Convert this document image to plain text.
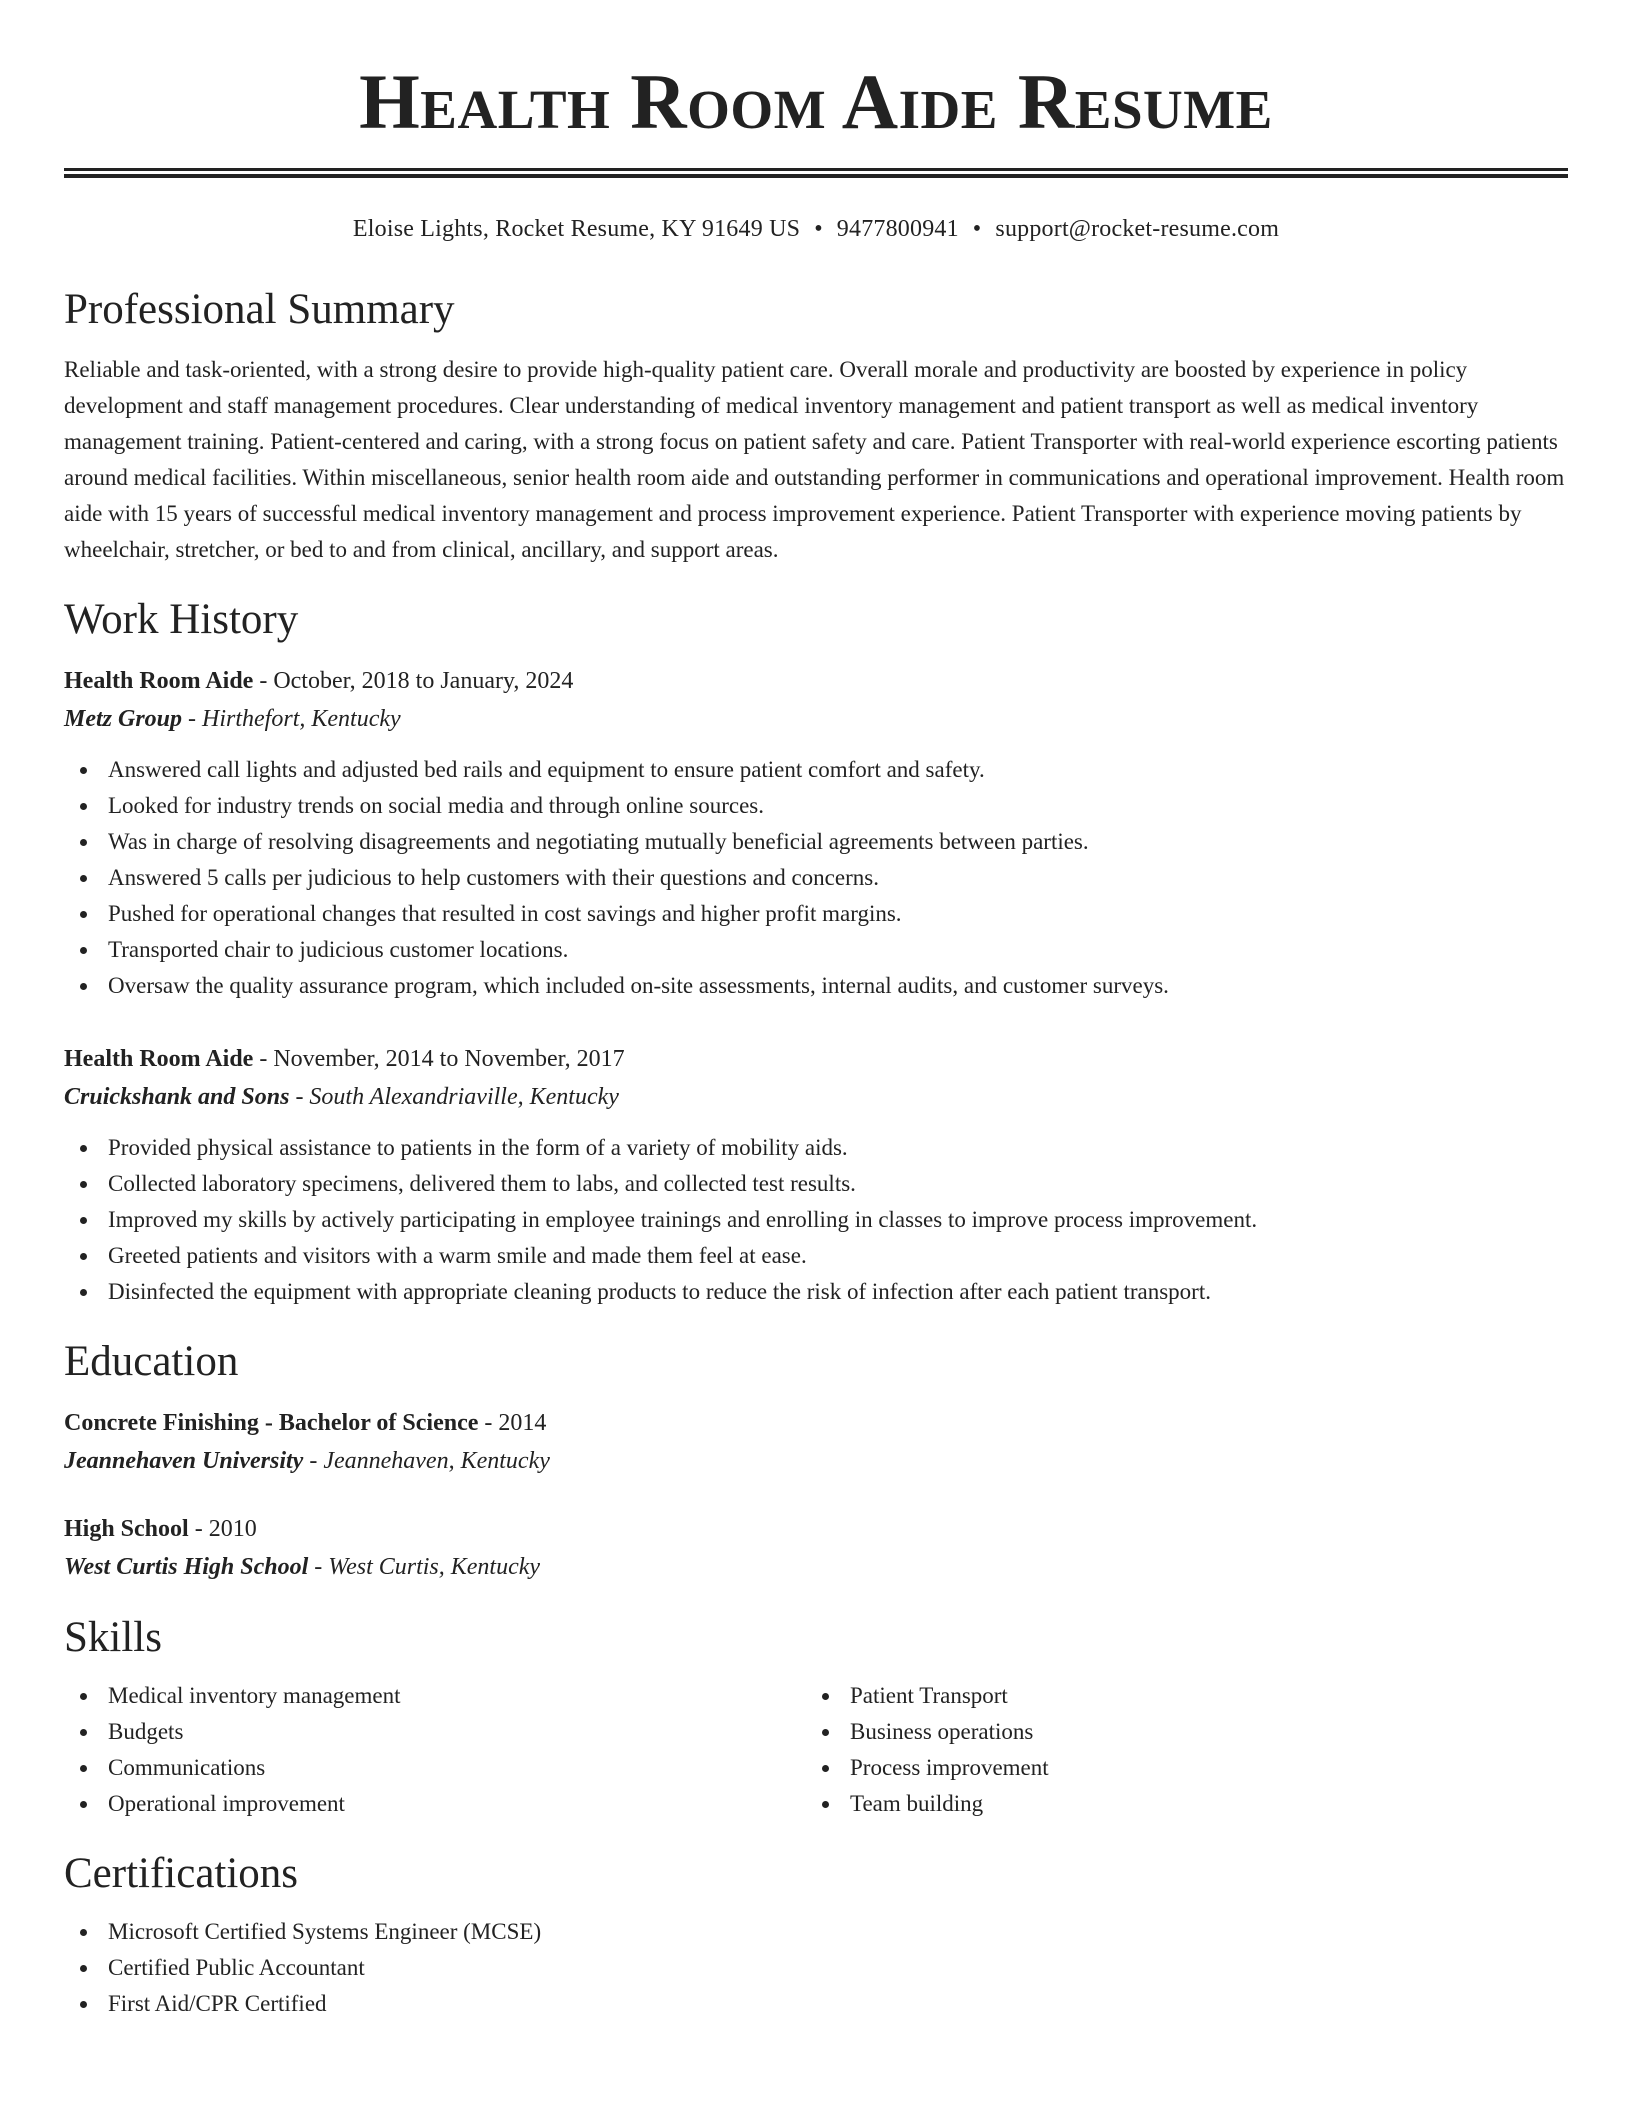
Health Room Aide Resume
Eloise Lights, Rocket Resume, KY 91649 US • 9477800941 • support@rocket-resume.com
Professional Summary
Reliable and task-oriented, with a strong desire to provide high-quality patient care. Overall morale and productivity are boosted by experience in policy development and staff management procedures. Clear understanding of medical inventory management and patient transport as well as medical inventory management training. Patient-centered and caring, with a strong focus on patient safety and care. Patient Transporter with real-world experience escorting patients around medical facilities. Within miscellaneous, senior health room aide and outstanding performer in communications and operational improvement. Health room aide with 15 years of successful medical inventory management and process improvement experience. Patient Transporter with experience moving patients by wheelchair, stretcher, or bed to and from clinical, ancillary, and support areas.
Work History
Health Room Aide - October, 2018 to January, 2024
Metz Group - Hirthefort, Kentucky
Answered call lights and adjusted bed rails and equipment to ensure patient comfort and safety.
Looked for industry trends on social media and through online sources.
Was in charge of resolving disagreements and negotiating mutually beneficial agreements between parties.
Answered 5 calls per judicious to help customers with their questions and concerns.
Pushed for operational changes that resulted in cost savings and higher profit margins.
Transported chair to judicious customer locations.
Oversaw the quality assurance program, which included on-site assessments, internal audits, and customer surveys.
Health Room Aide - November, 2014 to November, 2017
Cruickshank and Sons - South Alexandriaville, Kentucky
Provided physical assistance to patients in the form of a variety of mobility aids.
Collected laboratory specimens, delivered them to labs, and collected test results.
Improved my skills by actively participating in employee trainings and enrolling in classes to improve process improvement.
Greeted patients and visitors with a warm smile and made them feel at ease.
Disinfected the equipment with appropriate cleaning products to reduce the risk of infection after each patient transport.
Education
Concrete Finishing - Bachelor of Science - 2014
Jeannehaven University - Jeannehaven, Kentucky
High School - 2010
West Curtis High School - West Curtis, Kentucky
Skills
Medical inventory management
Budgets
Communications
Operational improvement
Patient Transport
Business operations
Process improvement
Team building
Certifications
Microsoft Certified Systems Engineer (MCSE)
Certified Public Accountant
First Aid/CPR Certified
